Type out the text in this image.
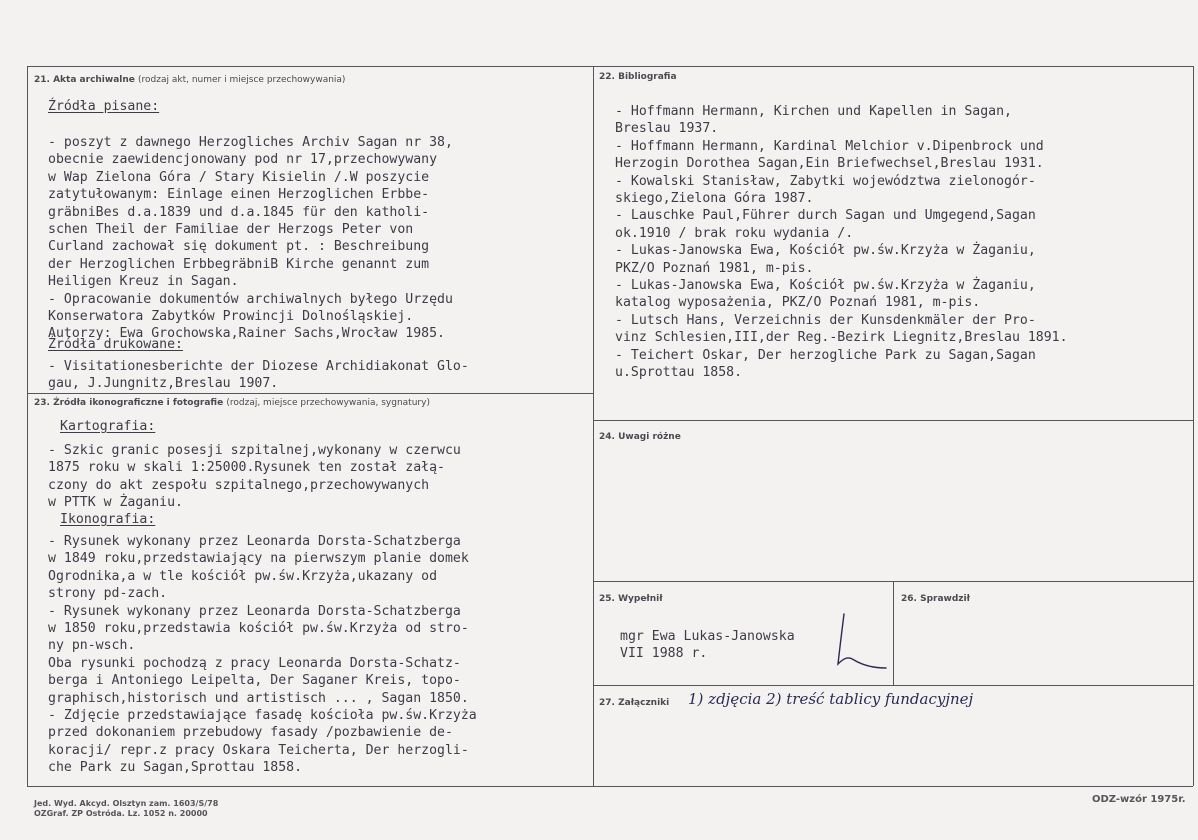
21. Akta archiwalne (rodzaj akt, numer i miejsce przechowywania)
Źródła pisane:
- poszyt z dawnego Herzogliches Archiv Sagan nr 38,
obecnie zaewidencjonowany pod nr 17,przechowywany
w Wap Zielona Góra / Stary Kisielin /.W poszycie
zatytułowanym: Einlage einen Herzoglichen Erbbe-
gräbniBes d.a.1839 und d.a.1845 für den katholi-
schen Theil der Familiae der Herzogs Peter von
Curland zachował się dokument pt. : Beschreibung
der Herzoglichen ErbbegräbniB Kirche genannt zum
Heiligen Kreuz in Sagan.
- Opracowanie dokumentów archiwalnych byłego Urzędu
Konserwatora Zabytków Prowincji Dolnośląskiej.
Autorzy: Ewa Grochowska,Rainer Sachs,Wrocław 1985.
Źródła drukowane:
- Visitationesberichte der Diozese Archidiakonat Glo-
gau, J.Jungnitz,Breslau 1907.
22. Bibliografia
- Hoffmann Hermann, Kirchen und Kapellen in Sagan,
Breslau 1937.
- Hoffmann Hermann, Kardinal Melchior v.Dipenbrock und
Herzogin Dorothea Sagan,Ein Briefwechsel,Breslau 1931.
- Kowalski Stanisław, Zabytki województwa zielonogór-
skiego,Zielona Góra 1987.
- Lauschke Paul,Führer durch Sagan und Umgegend,Sagan
ok.1910 / brak roku wydania /.
- Lukas-Janowska Ewa, Kościół pw.św.Krzyża w Żaganiu,
PKZ/O Poznań 1981, m-pis.
- Lukas-Janowska Ewa, Kościół pw.św.Krzyża w Żaganiu,
katalog wyposażenia, PKZ/O Poznań 1981, m-pis.
- Lutsch Hans, Verzeichnis der Kunsdenkmäler der Pro-
vinz Schlesien,III,der Reg.-Bezirk Liegnitz,Breslau 1891.
- Teichert Oskar, Der herzogliche Park zu Sagan,Sagan
u.Sprottau 1858.
23. Źródła ikonograficzne i fotografie (rodzaj, miejsce przechowywania, sygnatury)
Kartografia:
- Szkic granic posesji szpitalnej,wykonany w czerwcu
1875 roku w skali 1:25000.Rysunek ten został załą-
czony do akt zespołu szpitalnego,przechowywanych
w PTTK w Żaganiu.
Ikonografia:
- Rysunek wykonany przez Leonarda Dorsta-Schatzberga
w 1849 roku,przedstawiający na pierwszym planie domek
Ogrodnika,a w tle kościół pw.św.Krzyża,ukazany od
strony pd-zach.
- Rysunek wykonany przez Leonarda Dorsta-Schatzberga
w 1850 roku,przedstawia kościół pw.św.Krzyża od stro-
ny pn-wsch.
Oba rysunki pochodzą z pracy Leonarda Dorsta-Schatz-
berga i Antoniego Leipelta, Der Saganer Kreis, topo-
graphisch,historisch und artistisch ... , Sagan 1850.
- Zdjęcie przedstawiające fasadę kościoła pw.św.Krzyża
przed dokonaniem przebudowy fasady /pozbawienie de-
koracji/ repr.z pracy Oskara Teicherta, Der herzogli-
che Park zu Sagan,Sprottau 1858.
24. Uwagi różne
25. Wypełnił
mgr Ewa Lukas-Janowska
VII 1988 r.
26. Sprawdził
27. Załączniki 1) zdjęcia 2) treść tablicy fundacyjnej
Jed. Wyd. Akcyd. Olsztyn zam. 1603/S/78
OZGraf. ZP Ostróda. Lz. 1052 n. 20000
ODZ-wzór 1975r.
